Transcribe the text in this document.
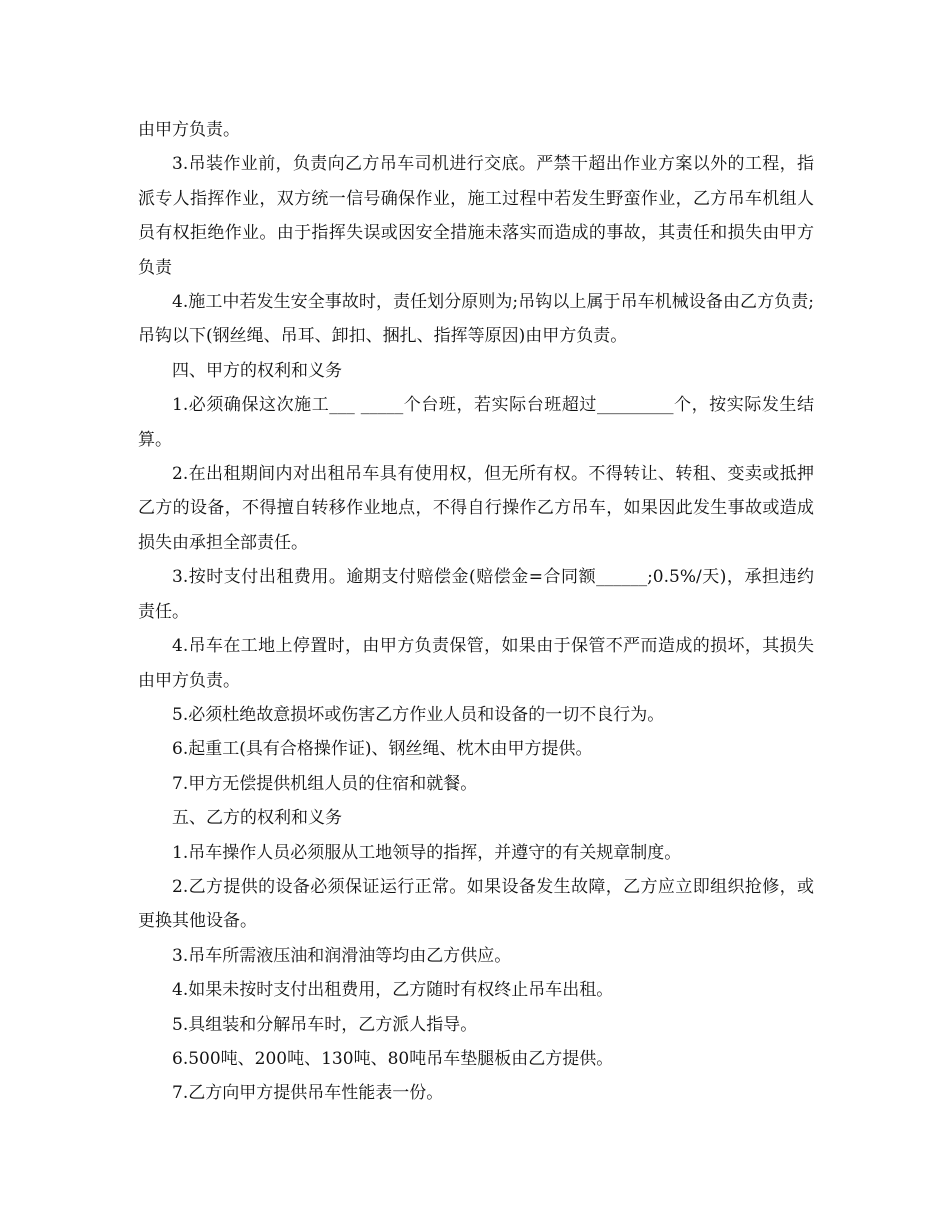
由甲方负责。

3.吊装作业前，负责向乙方吊车司机进行交底。严禁干超出作业方案以外的工程，指派专人指挥作业，双方统一信号确保作业，施工过程中若发生野蛮作业，乙方吊车机组人员有权拒绝作业。由于指挥失误或因安全措施未落实而造成的事故，其责任和损失由甲方负责

4.施工中若发生安全事故时，责任划分原则为;吊钩以上属于吊车机械设备由乙方负责;吊钩以下(钢丝绳、吊耳、卸扣、捆扎、指挥等原因)由甲方负责。

四、甲方的权利和义务

1.必须确保这次施工___ _____个台班，若实际台班超过_________个，按实际发生结算。

2.在出租期间内对出租吊车具有使用权，但无所有权。不得转让、转租、变卖或抵押乙方的设备，不得擅自转移作业地点，不得自行操作乙方吊车，如果因此发生事故或造成损失由承担全部责任。

3.按时支付出租费用。逾期支付赔偿金(赔偿金=合同额______;0.5%/天)，承担违约责任。

4.吊车在工地上停置时，由甲方负责保管，如果由于保管不严而造成的损坏，其损失由甲方负责。

5.必须杜绝故意损坏或伤害乙方作业人员和设备的一切不良行为。

6.起重工(具有合格操作证)、钢丝绳、枕木由甲方提供。

7.甲方无偿提供机组人员的住宿和就餐。

五、乙方的权利和义务

1.吊车操作人员必须服从工地领导的指挥，并遵守的有关规章制度。

2.乙方提供的设备必须保证运行正常。如果设备发生故障，乙方应立即组织抢修，或更换其他设备。

3.吊车所需液压油和润滑油等均由乙方供应。

4.如果未按时支付出租费用，乙方随时有权终止吊车出租。

5.具组装和分解吊车时，乙方派人指导。

6.500吨、200吨、130吨、80吨吊车垫腿板由乙方提供。

7.乙方向甲方提供吊车性能表一份。
